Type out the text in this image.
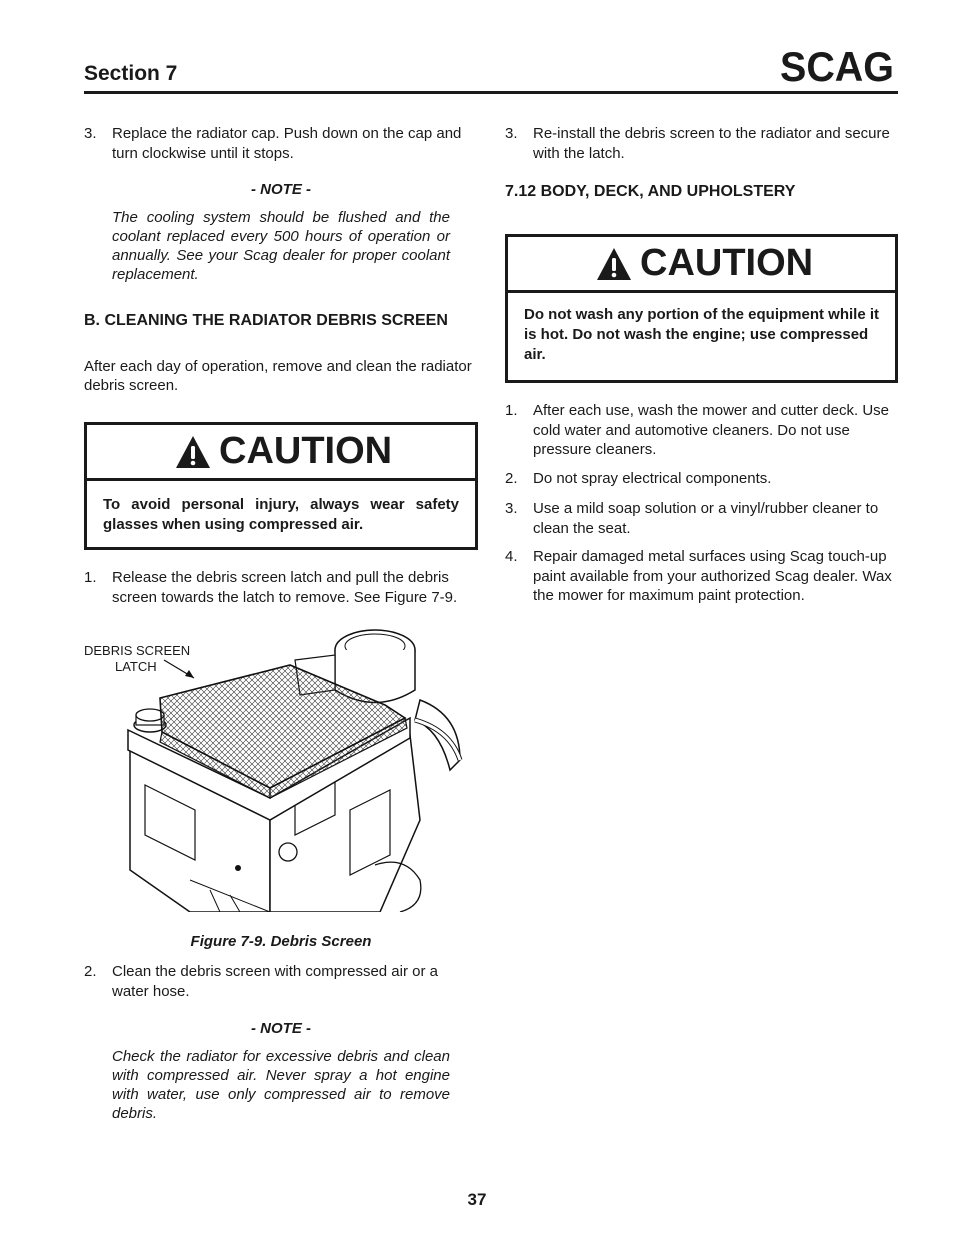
Section 7	SCAG
3.	Replace the radiator cap. Push down on the cap and turn clockwise until it stops.
- NOTE -
The cooling system should be flushed and the coolant replaced every 500 hours of operation or annually. See your Scag dealer for proper coolant replacement.
B. CLEANING THE RADIATOR DEBRIS SCREEN
After each day of operation, remove and clean the radiator debris screen.
CAUTION
To avoid personal injury, always wear safety glasses when using compressed air.
1.	Release the debris screen latch and pull the debris screen towards the latch to remove. See Figure 7-9.
DEBRIS SCREEN
LATCH
Figure 7-9. Debris Screen
2.	Clean the debris screen with compressed air or a water hose.
- NOTE -
Check the radiator for excessive debris and clean with compressed air. Never spray a hot engine with water, use only compressed air to remove debris.
3.	Re-install the debris screen to the radiator and secure with the latch.
7.12 BODY, DECK, AND UPHOLSTERY
CAUTION
Do not wash any portion of the equipment while it is hot. Do not wash the engine; use compressed air.
1.	After each use, wash the mower and cutter deck. Use cold water and automotive cleaners. Do not use pressure cleaners.
2.	Do not spray electrical components.
3.	Use a mild soap solution or a vinyl/rubber cleaner to clean the seat.
4.	Repair damaged metal surfaces using Scag touch-up paint available from your authorized Scag dealer. Wax the mower for maximum paint protection.
37
